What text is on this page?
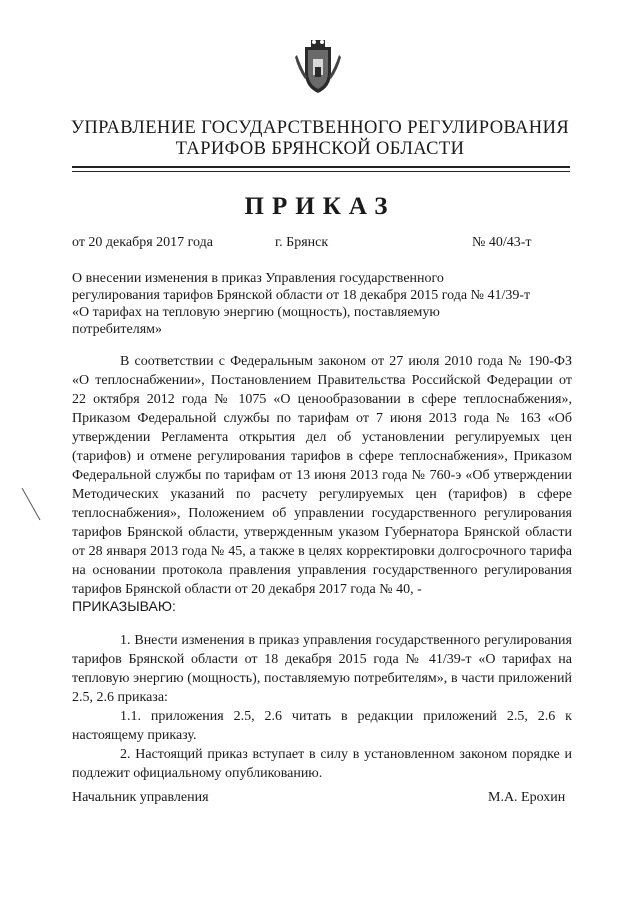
УПРАВЛЕНИЕ ГОСУДАРСТВЕННОГО РЕГУЛИРОВАНИЯ
ТАРИФОВ БРЯНСКОЙ ОБЛАСТИ
ПРИКАЗ
от 20 декабря 2017 года	г. Брянск	№ 40/43-т
О внесении изменения в приказ Управления государственного регулирования тарифов Брянской области от 18 декабря 2015 года № 41/39-т «О тарифах на тепловую энергию (мощность), поставляемую потребителям»
В соответствии с Федеральным законом от 27 июля 2010 года № 190-ФЗ «О теплоснабжении», Постановлением Правительства Российской Федерации от 22 октября 2012 года № 1075 «О ценообразовании в сфере теплоснабжения», Приказом Федеральной службы по тарифам от 7 июня 2013 года № 163 «Об утверждении Регламента открытия дел об установлении регулируемых цен (тарифов) и отмене регулирования тарифов в сфере теплоснабжения», Приказом Федеральной службы по тарифам от 13 июня 2013 года № 760-э «Об утверждении Методических указаний по расчету регулируемых цен (тарифов) в сфере теплоснабжения», Положением об управлении государственного регулирования тарифов Брянской области, утвержденным указом Губернатора Брянской области от 28 января 2013 года № 45, а также в целях корректировки долгосрочного тарифа на основании протокола правления управления государственного регулирования тарифов Брянской области от 20 декабря 2017 года № 40, -
ПРИКАЗЫВАЮ:

1. Внести изменения в приказ управления государственного регулирования тарифов Брянской области от 18 декабря 2015 года № 41/39-т «О тарифах на тепловую энергию (мощность), поставляемую потребителям», в части приложений 2.5, 2.6 приказа:

1.1. приложения 2.5, 2.6 читать в редакции приложений 2.5, 2.6 к настоящему приказу.

2. Настоящий приказ вступает в силу в установленном законом порядке и подлежит официальному опубликованию.

Начальник управления	М.А. Ерохин
